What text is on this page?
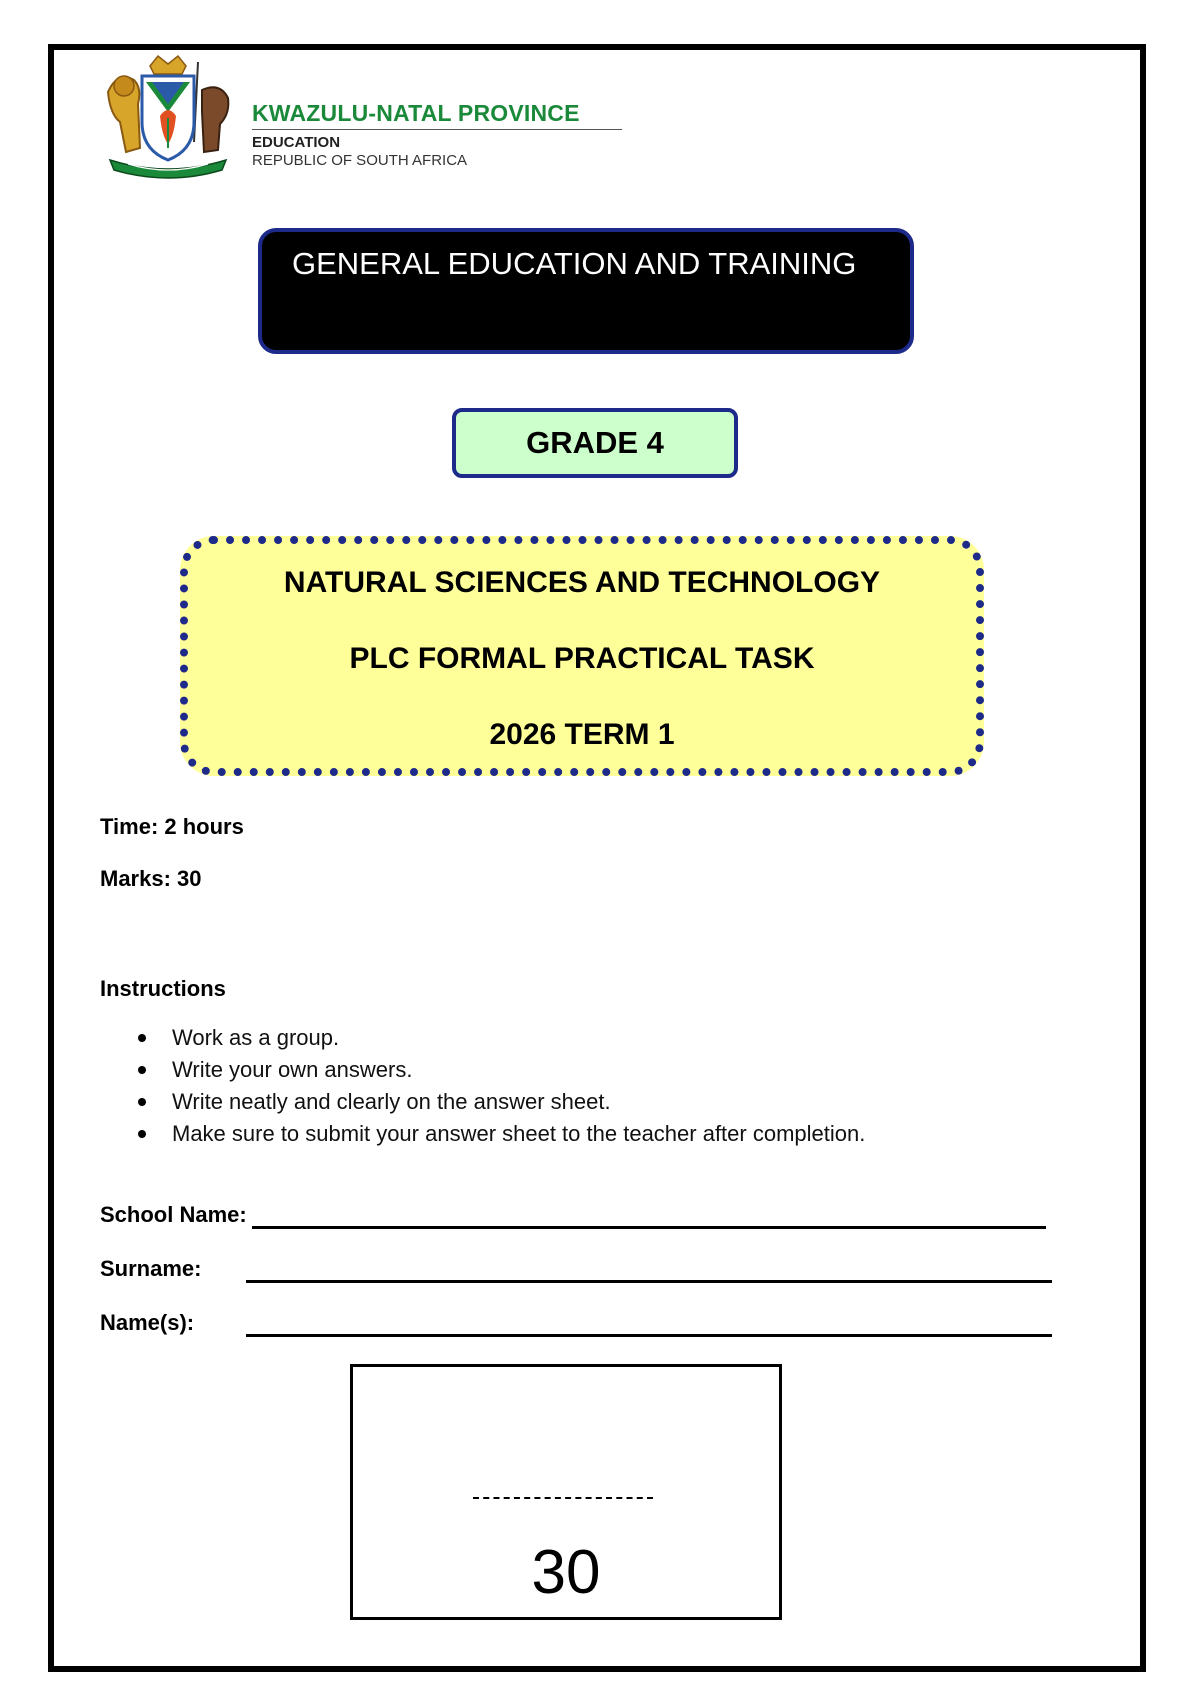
KWAZULU-NATAL PROVINCE
EDUCATION
REPUBLIC OF SOUTH AFRICA
GENERAL EDUCATION AND TRAINING
GRADE 4
NATURAL SCIENCES AND TECHNOLOGY
PLC FORMAL PRACTICAL TASK
2026 TERM 1
Time: 2 hours
Marks: 30
Instructions
Work as a group.
Write your own answers.
Write neatly and clearly on the answer sheet.
Make sure to submit your answer sheet to the teacher after completion.
School Name:
Surname:
Name(s):
30
